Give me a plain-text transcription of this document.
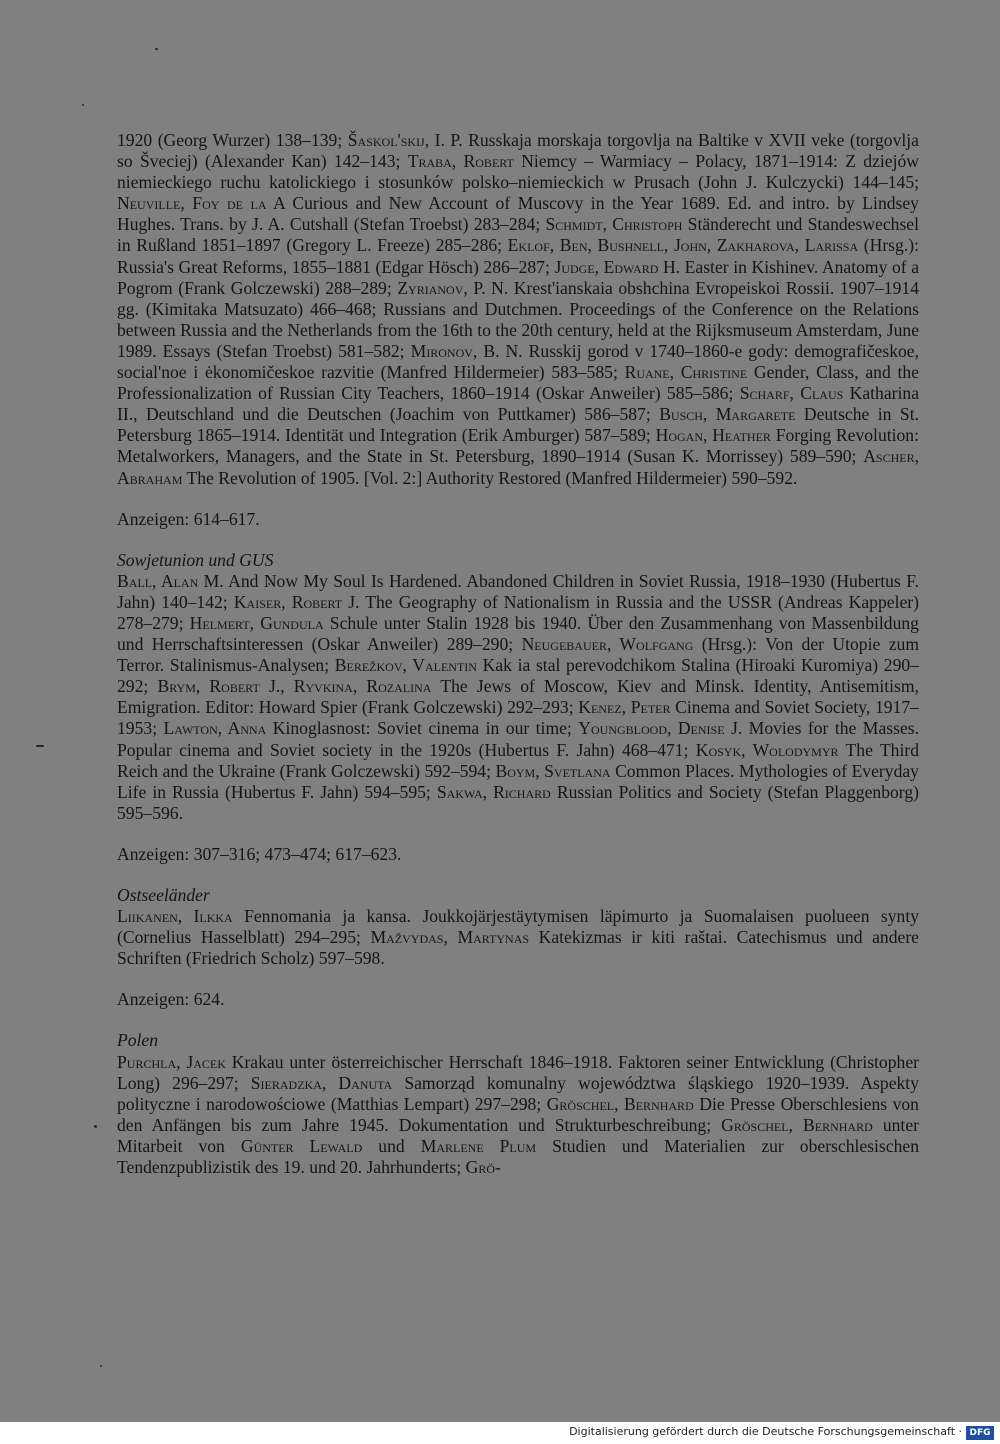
1920 (Georg Wurzer) 138–139; Šaskol'skij, I. P. Russkaja morskaja torgovlja na Baltike v XVII veke (torgovlja so Šveciej) (Alexander Kan) 142–143; Traba, Robert Niemcy – Warmiacy – Polacy, 1871–1914: Z dziejów niemieckiego ruchu katolickiego i stosunków polsko–niemieckich w Prusach (John J. Kulczycki) 144–145; Neuville, Foy de la A Curious and New Account of Muscovy in the Year 1689. Ed. and intro. by Lindsey Hughes. Trans. by J. A. Cutshall (Stefan Troebst) 283–284; Schmidt, Christoph Ständerecht und Standeswechsel in Rußland 1851–1897 (Gregory L. Freeze) 285–286; Eklof, Ben, Bushnell, John, Zakharova, Larissa (Hrsg.): Russia's Great Reforms, 1855–1881 (Edgar Hösch) 286–287; Judge, Edward H. Easter in Kishinev. Anatomy of a Pogrom (Frank Golczewski) 288–289; Zyrianov, P. N. Krest'ianskaia obshchina Evropeiskoi Rossii. 1907–1914 gg. (Kimitaka Matsuzato) 466–468; Russians and Dutchmen. Proceedings of the Conference on the Relations between Russia and the Netherlands from the 16th to the 20th century, held at the Rijksmuseum Amsterdam, June 1989. Essays (Stefan Troebst) 581–582; Mironov, B. N. Russkij gorod v 1740–1860-e gody: demografičeskoe, social'noe i ėkonomičeskoe razvitie (Manfred Hildermeier) 583–585; Ruane, Christine Gender, Class, and the Professionalization of Russian City Teachers, 1860–1914 (Oskar Anweiler) 585–586; Scharf, Claus Katharina II., Deutschland und die Deutschen (Joachim von Puttkamer) 586–587; Busch, Margarete Deutsche in St. Petersburg 1865–1914. Identität und Integration (Erik Amburger) 587–589; Hogan, Heather Forging Revolution: Metalworkers, Managers, and the State in St. Petersburg, 1890–1914 (Susan K. Morrissey) 589–590; Ascher, Abraham The Revolution of 1905. [Vol. 2:] Authority Restored (Manfred Hildermeier) 590–592.

Anzeigen: 614–617.

Sowjetunion und GUS

Ball, Alan M. And Now My Soul Is Hardened. Abandoned Children in Soviet Russia, 1918–1930 (Hubertus F. Jahn) 140–142; Kaiser, Robert J. The Geography of Nationalism in Russia and the USSR (Andreas Kappeler) 278–279; Helmert, Gundula Schule unter Stalin 1928 bis 1940. Über den Zusammenhang von Massenbildung und Herrschaftsinteressen (Oskar Anweiler) 289–290; Neugebauer, Wolfgang (Hrsg.): Von der Utopie zum Terror. Stalinismus-Analysen; Berežkov, Valentin Kak ia stal perevodchikom Stalina (Hiroaki Kuromiya) 290–292; Brym, Robert J., Ryvkina, Rozalina The Jews of Moscow, Kiev and Minsk. Identity, Antisemitism, Emigration. Editor: Howard Spier (Frank Golczewski) 292–293; Kenez, Peter Cinema and Soviet Society, 1917–1953; Lawton, Anna Kinoglasnost: Soviet cinema in our time; Youngblood, Denise J. Movies for the Masses. Popular cinema and Soviet society in the 1920s (Hubertus F. Jahn) 468–471; Kosyk, Wolodymyr The Third Reich and the Ukraine (Frank Golczewski) 592–594; Boym, Svetlana Common Places. Mythologies of Everyday Life in Russia (Hubertus F. Jahn) 594–595; Sakwa, Richard Russian Politics and Society (Stefan Plaggenborg) 595–596.

Anzeigen: 307–316; 473–474; 617–623.

Ostseeländer

Liikanen, Ilkka Fennomania ja kansa. Joukkojärjestäytymisen läpimurto ja Suomalaisen puolueen synty (Cornelius Hasselblatt) 294–295; Mažvydas, Martynas Katekizmas ir kiti raštai. Catechismus und andere Schriften (Friedrich Scholz) 597–598.

Anzeigen: 624.

Polen

Purchla, Jacek Krakau unter österreichischer Herrschaft 1846–1918. Faktoren seiner Entwicklung (Christopher Long) 296–297; Sieradzka, Danuta Samorząd komunalny województwa śląskiego 1920–1939. Aspekty polityczne i narodowościowe (Matthias Lempart) 297–298; Gröschel, Bernhard Die Presse Oberschlesiens von den Anfängen bis zum Jahre 1945. Dokumentation und Strukturbeschreibung; Gröschel, Bernhard unter Mitarbeit von Günter Lewald und Marlene Plum Studien und Materialien zur oberschlesischen Tendenzpublizistik des 19. und 20. Jahrhunderts; Grö-

Digitalisierung gefördert durch die Deutsche Forschungsgemeinschaft · DFG
